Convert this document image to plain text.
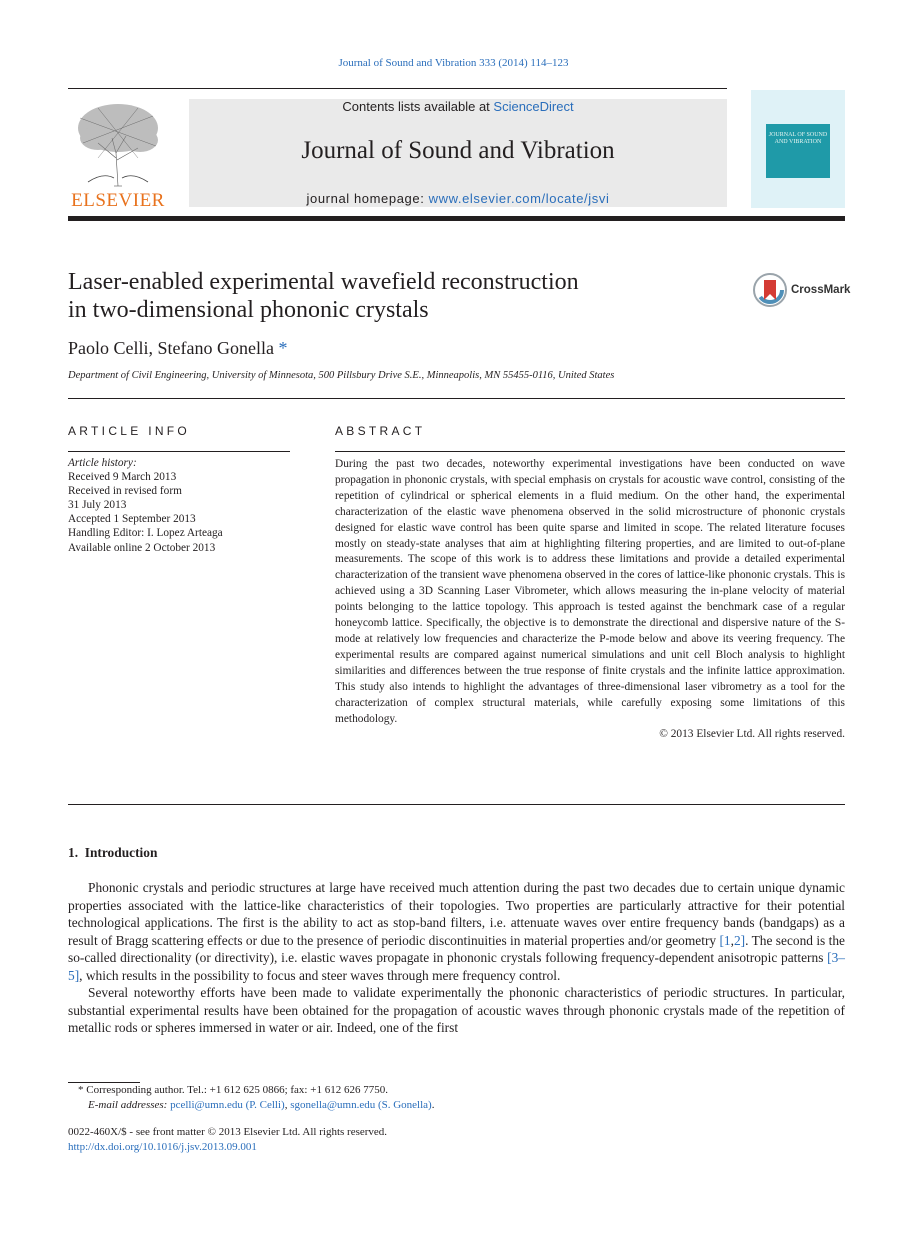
Journal of Sound and Vibration 333 (2014) 114–123
ELSEVIER
Contents lists available at ScienceDirect
Journal of Sound and Vibration
journal homepage: www.elsevier.com/locate/jsvi
JOURNAL OF SOUND AND VIBRATION
Laser-enabled experimental wavefield reconstruction
in two-dimensional phononic crystals
CrossMark
Paolo Celli, Stefano Gonella *
Department of Civil Engineering, University of Minnesota, 500 Pillsbury Drive S.E., Minneapolis, MN 55455-0116, United States
ARTICLE INFO
Article history:
Received 9 March 2013
Received in revised form
31 July 2013
Accepted 1 September 2013
Handling Editor: I. Lopez Arteaga
Available online 2 October 2013
ABSTRACT
During the past two decades, noteworthy experimental investigations have been conducted on wave propagation in phononic crystals, with special emphasis on crystals for acoustic wave control, consisting of the repetition of cylindrical or spherical elements in a fluid medium. On the other hand, the experimental characterization of the elastic wave phenomena observed in the solid microstructure of phononic crystals designed for elastic wave control has been quite sparse and limited in scope. The related literature focuses mostly on steady-state analyses that aim at highlighting filtering properties, and are limited to out-of-plane measurements. The scope of this work is to address these limitations and provide a detailed experimental characterization of the transient wave phenomena observed in the cores of lattice-like phononic crystals. This is achieved using a 3D Scanning Laser Vibrometer, which allows measuring the in-plane velocity of material points belonging to the lattice topology. This approach is tested against the benchmark case of a regular honeycomb lattice. Specifically, the objective is to demonstrate the directional and dispersive nature of the S-mode at relatively low frequencies and characterize the P-mode below and above its veering frequency. The experimental results are compared against numerical simulations and unit cell Bloch analysis to highlight similarities and differences between the true response of finite crystals and the infinite lattice approximation. This study also intends to highlight the advantages of three-dimensional laser vibrometry as a tool for the characterization of complex structural materials, while carefully exposing some limitations of this methodology.
© 2013 Elsevier Ltd. All rights reserved.
1.  Introduction

Phononic crystals and periodic structures at large have received much attention during the past two decades due to certain unique dynamic properties associated with the lattice-like characteristics of their topologies. Two properties are particularly attractive for their potential technological applications. The first is the ability to act as stop-band filters, i.e. attenuate waves over entire frequency bands (bandgaps) as a result of Bragg scattering effects or due to the presence of periodic discontinuities in material properties and/or geometry [1,2]. The second is the so-called directionality (or directivity), i.e. elastic waves propagate in phononic crystals following frequency-dependent anisotropic patterns [3–5], which results in the possibility to focus and steer waves through mere frequency control.

Several noteworthy efforts have been made to validate experimentally the phononic characteristics of periodic structures. In particular, substantial experimental results have been obtained for the propagation of acoustic waves through phononic crystals made of the repetition of metallic rods or spheres immersed in water or air. Indeed, one of the first

* Corresponding author. Tel.: +1 612 625 0866; fax: +1 612 626 7750.
E-mail addresses: pcelli@umn.edu (P. Celli), sgonella@umn.edu (S. Gonella).
0022-460X/$ - see front matter © 2013 Elsevier Ltd. All rights reserved.
http://dx.doi.org/10.1016/j.jsv.2013.09.001
